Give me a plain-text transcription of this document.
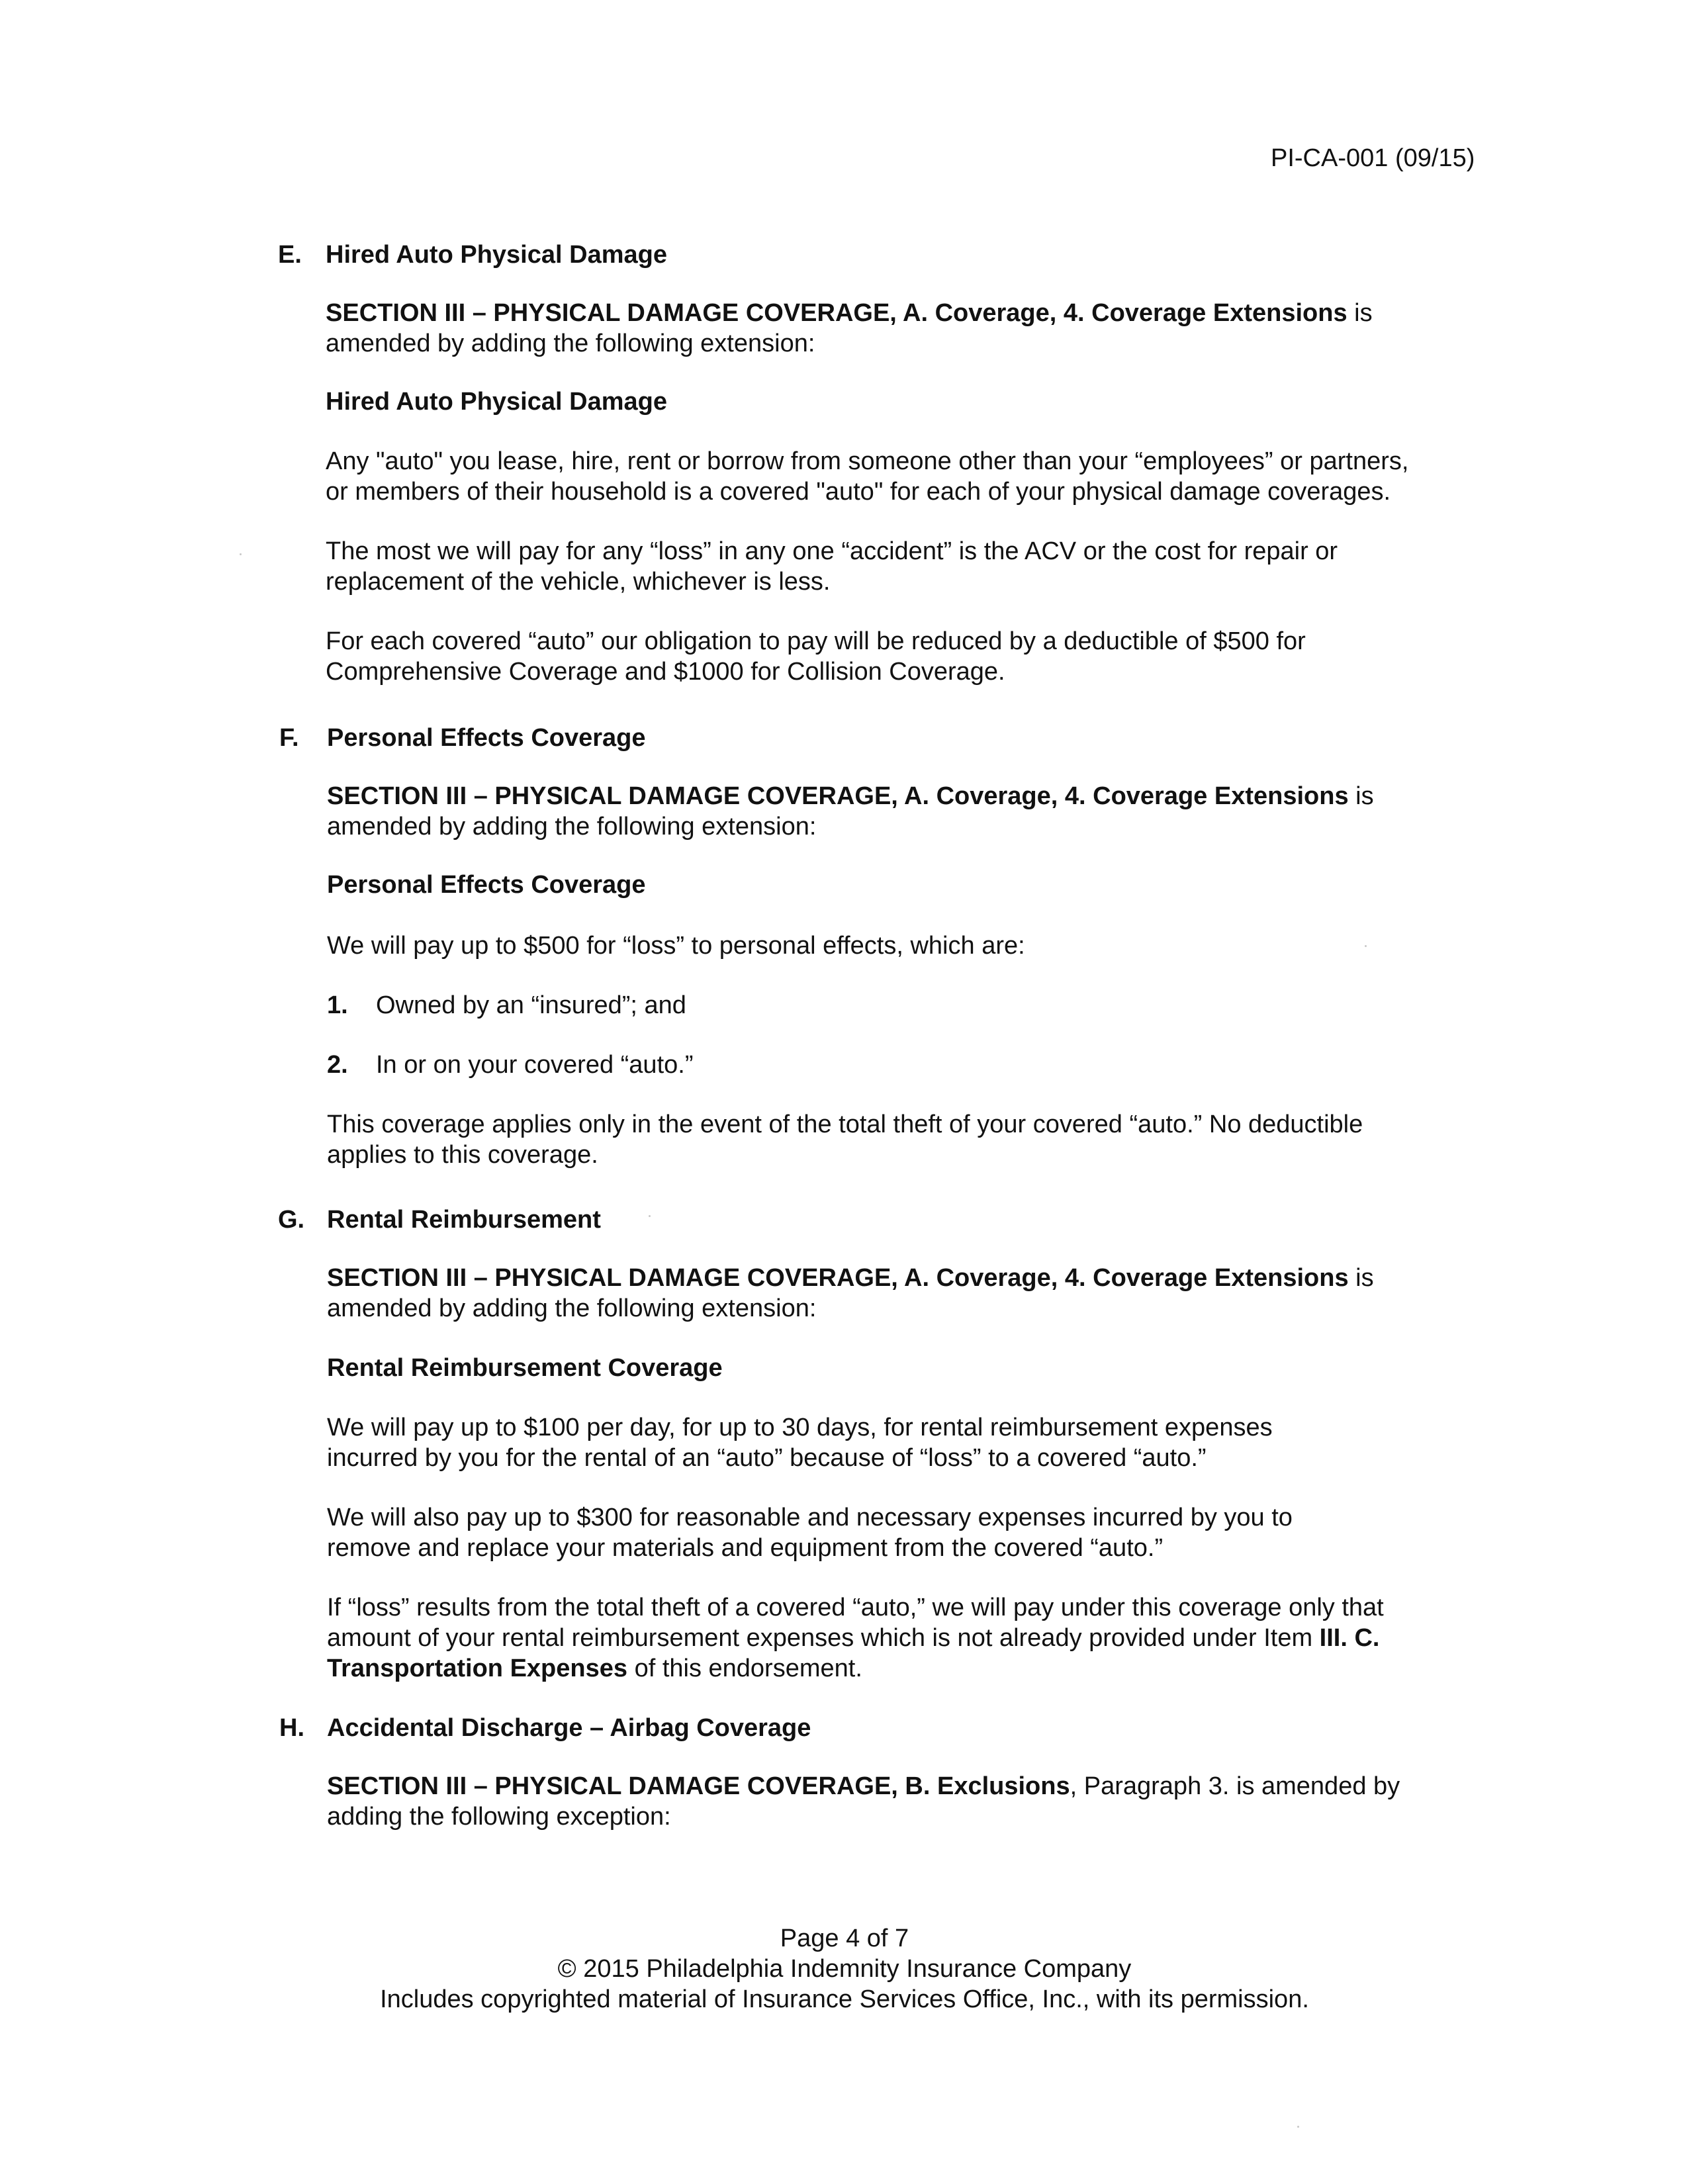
PI-CA-001 (09/15)
E. Hired Auto Physical Damage
SECTION III – PHYSICAL DAMAGE COVERAGE, A. Coverage, 4. Coverage Extensions is
amended by adding the following extension:
Hired Auto Physical Damage
Any "auto" you lease, hire, rent or borrow from someone other than your “employees” or partners,
or members of their household is a covered "auto" for each of your physical damage coverages.
The most we will pay for any “loss” in any one “accident” is the ACV or the cost for repair or
replacement of the vehicle, whichever is less.
For each covered “auto” our obligation to pay will be reduced by a deductible of $500 for
Comprehensive Coverage and $1000 for Collision Coverage.
F. Personal Effects Coverage
SECTION III – PHYSICAL DAMAGE COVERAGE, A. Coverage, 4. Coverage Extensions is
amended by adding the following extension:
Personal Effects Coverage
We will pay up to $500 for “loss” to personal effects, which are:
1. Owned by an “insured”; and
2. In or on your covered “auto.”
This coverage applies only in the event of the total theft of your covered “auto.” No deductible
applies to this coverage.
G. Rental Reimbursement
SECTION III – PHYSICAL DAMAGE COVERAGE, A. Coverage, 4. Coverage Extensions is
amended by adding the following extension:
Rental Reimbursement Coverage
We will pay up to $100 per day, for up to 30 days, for rental reimbursement expenses
incurred by you for the rental of an “auto” because of “loss” to a covered “auto.”
We will also pay up to $300 for reasonable and necessary expenses incurred by you to
remove and replace your materials and equipment from the covered “auto.”
If “loss” results from the total theft of a covered “auto,” we will pay under this coverage only that
amount of your rental reimbursement expenses which is not already provided under Item III. C.
Transportation Expenses of this endorsement.
H. Accidental Discharge – Airbag Coverage
SECTION III – PHYSICAL DAMAGE COVERAGE, B. Exclusions, Paragraph 3. is amended by
adding the following exception:
Page 4 of 7
© 2015 Philadelphia Indemnity Insurance Company
Includes copyrighted material of Insurance Services Office, Inc., with its permission.
